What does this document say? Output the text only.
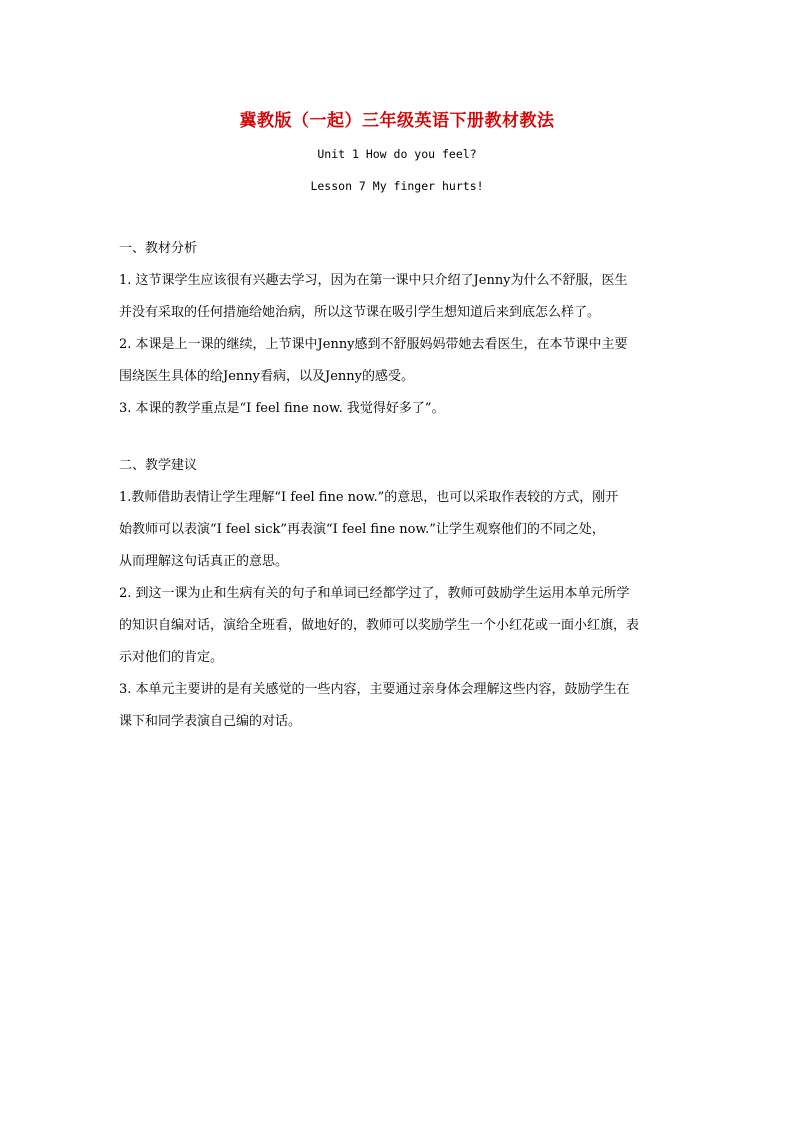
冀教版（一起）三年级英语下册教材教法
Unit 1 How do you feel?
Lesson 7 My finger hurts!
一、教材分析
1. 这节课学生应该很有兴趣去学习，因为在第一课中只介绍了Jenny为什么不舒服，医生
并没有采取的任何措施给她治病，所以这节课在吸引学生想知道后来到底怎么样了。
2. 本课是上一课的继续，上节课中Jenny感到不舒服妈妈带她去看医生，在本节课中主要
围绕医生具体的给Jenny看病，以及Jenny的感受。
3. 本课的教学重点是“I feel fine now. 我觉得好多了”。
二、教学建议
1.教师借助表情让学生理解“I feel fine now.”的意思，也可以采取作表较的方式，刚开
始教师可以表演“I feel sick”再表演“I feel fine now.”让学生观察他们的不同之处，
从而理解这句话真正的意思。
2. 到这一课为止和生病有关的句子和单词已经都学过了，教师可鼓励学生运用本单元所学
的知识自编对话，演给全班看，做地好的，教师可以奖励学生一个小红花或一面小红旗，表
示对他们的肯定。
3. 本单元主要讲的是有关感觉的一些内容，主要通过亲身体会理解这些内容，鼓励学生在
课下和同学表演自己编的对话。
